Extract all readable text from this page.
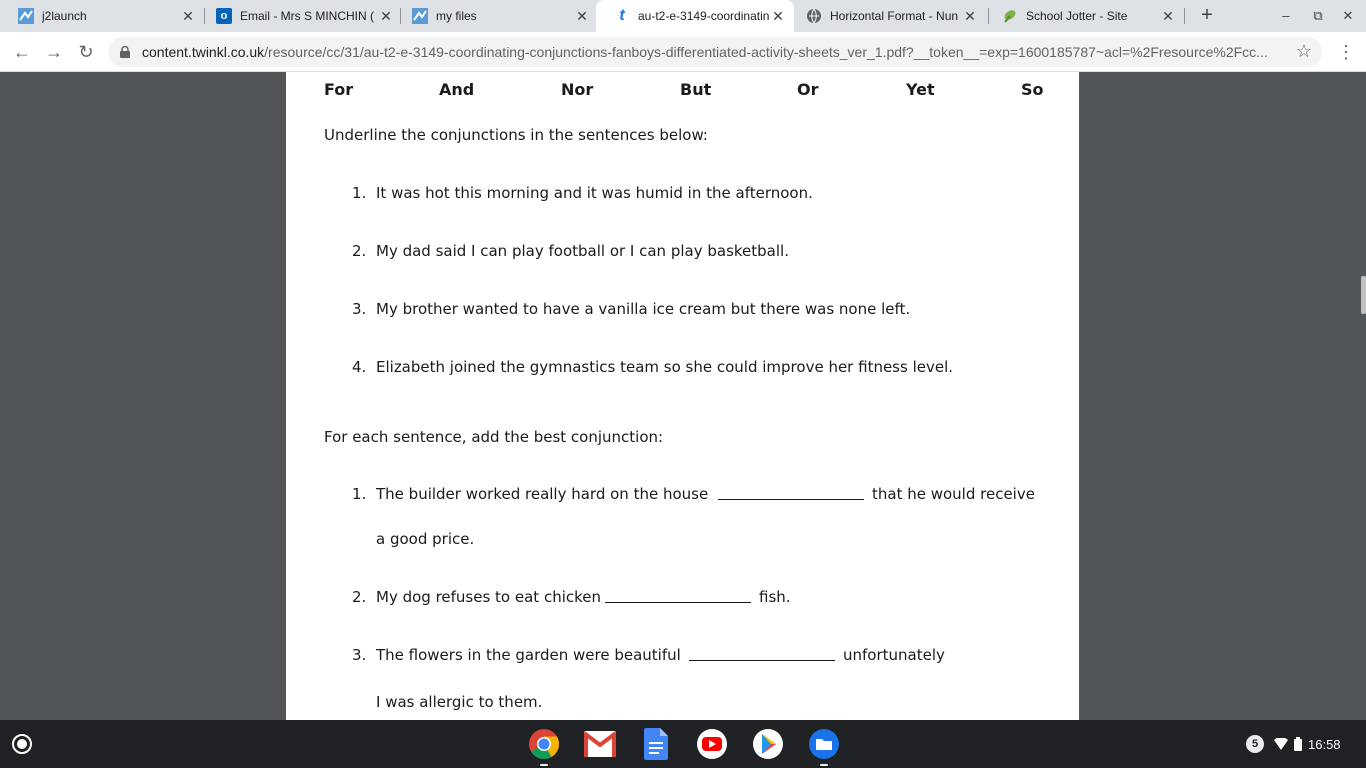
j2launch	✕	o	Email - Mrs S MINCHIN ( ✕	my files	✕	t	au-t2-e-3149-coordinatin ✕	Horizontal Format - Nun ✕	School Jotter - Site	✕ +	–	⧉	✕
← → ↻	content.twinkl.co.uk/resource/cc/31/au-t2-e-3149-coordinating-conjunctions-fanboys-differentiated-activity-sheets_ver_1.pdf?__token__=exp=1600185787~acl=%2Fresource%2Fcc...	☆ ⋮
For	And	Nor	But	Or	Yet	So
Underline the conjunctions in the sentences below:
1. It was hot this morning and it was humid in the afternoon.
2. My dad said I can play football or I can play basketball.
3. My brother wanted to have a vanilla ice cream but there was none left.
4. Elizabeth joined the gymnastics team so she could improve her fitness level.
For each sentence, add the best conjunction:
1. The builder worked really hard on the house	that he would receive
a good price.
2. My dog refuses to eat chicken	fish.
3. The flowers in the garden were beautiful	unfortunately
I was allergic to them.
5	16:58
